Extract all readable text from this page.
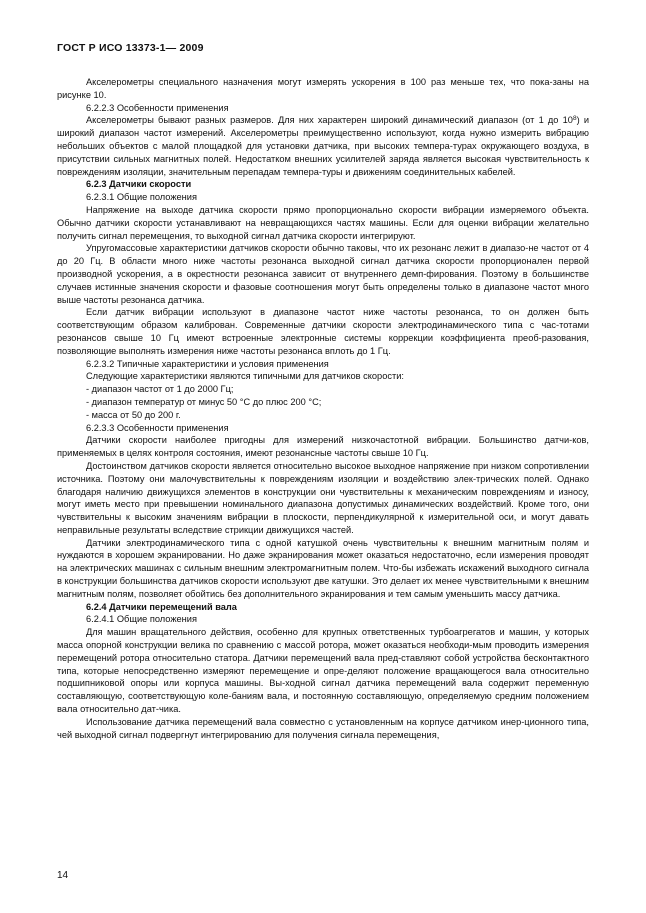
ГОСТ Р ИСО 13373-1— 2009

Акселерометры специального назначения могут измерять ускорения в 100 раз меньше тех, что пока-заны на рисунке 10.

6.2.2.3 Особенности применения

Акселерометры бывают разных размеров. Для них характерен широкий динамический диапазон (от 1 до $10^8$) и широкий диапазон частот измерений. Акселерометры преимущественно используют, когда нужно измерить вибрацию небольших объектов с малой площадкой для установки датчика, при высоких темпера-турах окружающего воздуха, в присутствии сильных магнитных полей. Недостатком внешних усилителей заряда является высокая чувствительность к повреждениям изоляции, значительным перепадам темпера-туры и движениям соединительных кабелей.

6.2.3 Датчики скорости

6.2.3.1 Общие положения

Напряжение на выходе датчика скорости прямо пропорционально скорости вибрации измеряемого объекта. Обычно датчики скорости устанавливают на невращающихся частях машины. Если для оценки вибрации желательно получить сигнал перемещения, то выходной сигнал датчика скорости интегрируют.

Упругомассовые характеристики датчиков скорости обычно таковы, что их резонанс лежит в диапазо-не частот от 4 до 20 Гц. В области много ниже частоты резонанса выходной сигнал датчика скорости пропорционален первой производной ускорения, а в окрестности резонанса зависит от внутреннего демп-фирования. Поэтому в большинстве случаев истинные значения скорости и фазовые соотношения могут быть определены только в диапазоне частот много выше частоты резонанса датчика.

Если датчик вибрации используют в диапазоне частот ниже частоты резонанса, то он должен быть соответствующим образом калиброван. Современные датчики скорости электродинамического типа с час-тотами резонансов свыше 10 Гц имеют встроенные электронные системы коррекции коэффициента преоб-разования, позволяющие выполнять измерения ниже частоты резонанса вплоть до 1 Гц.

6.2.3.2 Типичные характеристики и условия применения

Следующие характеристики являются типичными для датчиков скорости:

- диапазон частот от 1 до 2000 Гц;

- диапазон температур от минус 50 °С до плюс 200 °С;

- масса от 50 до 200 г.

6.2.3.3 Особенности применения

Датчики скорости наиболее пригодны для измерений низкочастотной вибрации. Большинство датчи-ков, применяемых в целях контроля состояния, имеют резонансные частоты свыше 10 Гц.

Достоинством датчиков скорости является относительно высокое выходное напряжение при низком сопротивлении источника. Поэтому они малочувствительны к повреждениям изоляции и воздействию элек-трических полей. Однако благодаря наличию движущихся элементов в конструкции они чувствительны к механическим повреждениям и износу, могут иметь место при превышении номинального диапазона допустимых динамических воздействий. Кроме того, они чувствительны к высоким значениям вибрации в плоскости, перпендикулярной к измерительной оси, и могут давать неправильные результаты вследствие стрикции движущихся частей.

Датчики электродинамического типа с одной катушкой очень чувствительны к внешним магнитным полям и нуждаются в хорошем экранировании. Но даже экранирования может оказаться недостаточно, если измерения проводят на электрических машинах с сильным внешним электромагнитным полем. Что-бы избежать искажений выходного сигнала в конструкции большинства датчиков скорости используют две катушки. Это делает их менее чувствительными к внешним магнитным полям, позволяет обойтись без дополнительного экранирования и тем самым уменьшить массу датчика.

6.2.4 Датчики перемещений вала

6.2.4.1 Общие положения

Для машин вращательного действия, особенно для крупных ответственных турбоагрегатов и машин, у которых масса опорной конструкции велика по сравнению с массой ротора, может оказаться необходи-мым проводить измерения перемещений ротора относительно статора. Датчики перемещений вала пред-ставляют собой устройства бесконтактного типа, которые непосредственно измеряют перемещение и опре-деляют положение вращающегося вала относительно подшипниковой опоры или корпуса машины. Вы-ходной сигнал датчика перемещений вала содержит переменную составляющую, соответствующую коле-баниям вала, и постоянную составляющую, определяемую средним положением вала относительно дат-чика.

Использование датчика перемещений вала совместно с установленным на корпусе датчиком инер-ционного типа, чей выходной сигнал подвергнут интегрированию для получения сигнала перемещения,

14
